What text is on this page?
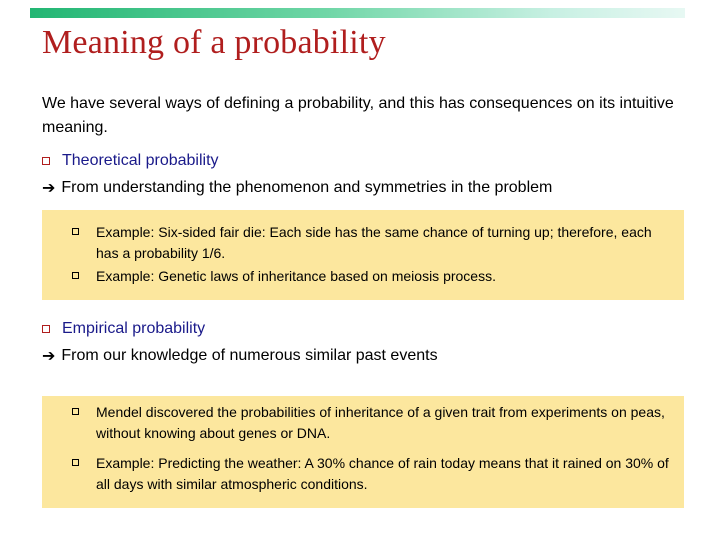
Meaning of a probability

We have several ways of defining a probability, and this has consequences on its intuitive meaning.

Theoretical probability
➔ From understanding the phenomenon and symmetries in the problem
Example: Six-sided fair die: Each side has the same chance of turning up; therefore, each has a probability 1/6.
Example: Genetic laws of inheritance based on meiosis process.
Empirical probability
➔ From our knowledge of numerous similar past events
Mendel discovered the probabilities of inheritance of a given trait from experiments on peas, without knowing about genes or DNA.
Example: Predicting the weather: A 30% chance of rain today means that it rained on 30% of all days with similar atmospheric conditions.
